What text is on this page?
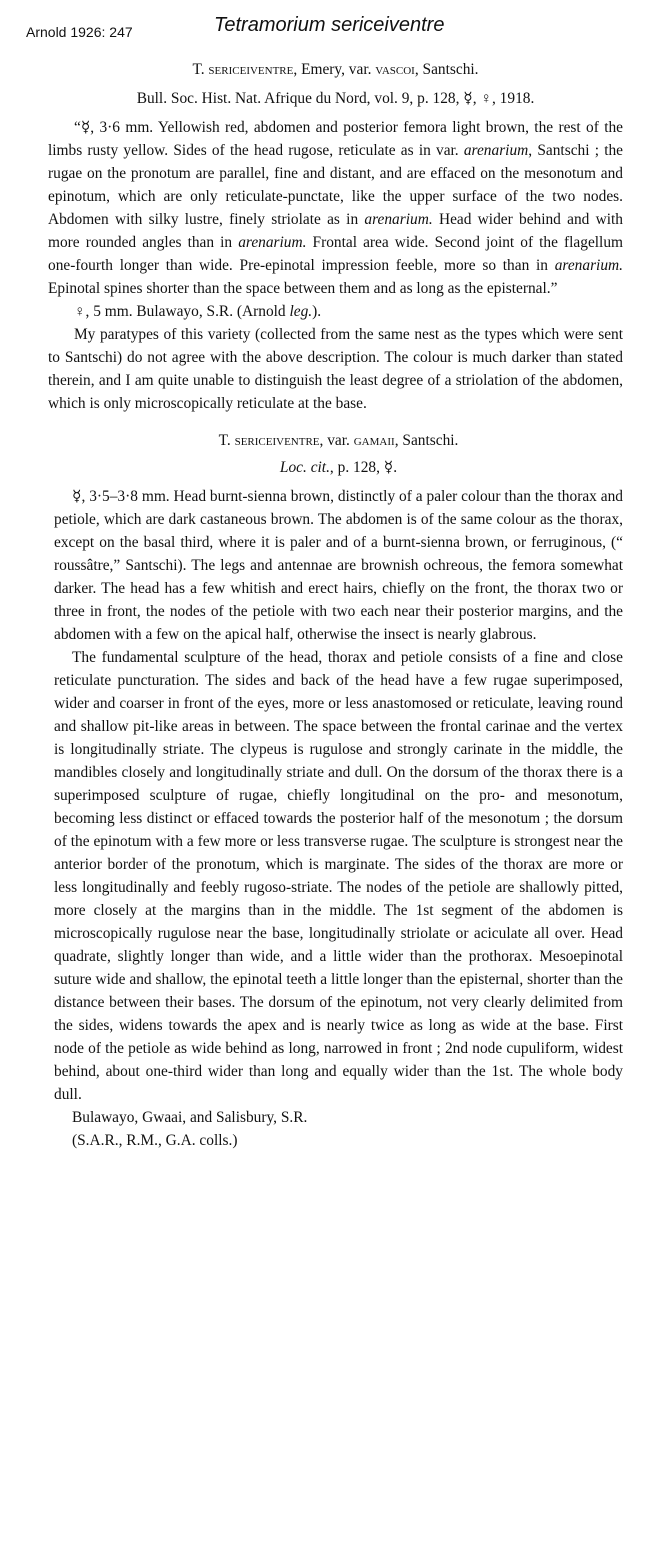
Arnold 1926: 247	Tetramorium sericeiventre

T. sericeiventre, Emery, var. vascoi, Santschi.

Bull. Soc. Hist. Nat. Afrique du Nord, vol. 9, p. 128, ☿, ♀, 1918.

“☿, 3·6 mm. Yellowish red, abdomen and posterior femora light brown, the rest of the limbs rusty yellow. Sides of the head rugose, reticulate as in var. arenarium, Santschi ; the rugae on the pronotum are parallel, fine and distant, and are effaced on the mesonotum and epinotum, which are only reticulate-punctate, like the upper surface of the two nodes. Abdomen with silky lustre, finely striolate as in arenarium. Head wider behind and with more rounded angles than in arenarium. Frontal area wide. Second joint of the flagellum one-fourth longer than wide. Pre-epinotal impression feeble, more so than in arenarium. Epinotal spines shorter than the space between them and as long as the episternal.”

♀, 5 mm. Bulawayo, S.R. (Arnold leg.).

My paratypes of this variety (collected from the same nest as the types which were sent to Santschi) do not agree with the above description. The colour is much darker than stated therein, and I am quite unable to distinguish the least degree of a striolation of the abdomen, which is only microscopically reticulate at the base.

T. sericeiventre, var. gamaii, Santschi.

Loc. cit., p. 128, ☿.

☿, 3·5–3·8 mm. Head burnt-sienna brown, distinctly of a paler colour than the thorax and petiole, which are dark castaneous brown. The abdomen is of the same colour as the thorax, except on the basal third, where it is paler and of a burnt-sienna brown, or ferruginous, (“ roussâtre,” Santschi). The legs and antennae are brownish ochreous, the femora somewhat darker. The head has a few whitish and erect hairs, chiefly on the front, the thorax two or three in front, the nodes of the petiole with two each near their posterior margins, and the abdomen with a few on the apical half, otherwise the insect is nearly glabrous.

The fundamental sculpture of the head, thorax and petiole consists of a fine and close reticulate puncturation. The sides and back of the head have a few rugae superimposed, wider and coarser in front of the eyes, more or less anastomosed or reticulate, leaving round and shallow pit-like areas in between. The space between the frontal carinae and the vertex is longitudinally striate. The clypeus is rugulose and strongly carinate in the middle, the mandibles closely and longitudinally striate and dull. On the dorsum of the thorax there is a superimposed sculpture of rugae, chiefly longitudinal on the pro- and mesonotum, becoming less distinct or effaced towards the posterior half of the mesonotum ; the dorsum of the epinotum with a few more or less transverse rugae. The sculpture is strongest near the anterior border of the pronotum, which is marginate. The sides of the thorax are more or less longitudinally and feebly rugoso-striate. The nodes of the petiole are shallowly pitted, more closely at the margins than in the middle. The 1st segment of the abdomen is microscopically rugulose near the base, longitudinally striolate or aciculate all over. Head quadrate, slightly longer than wide, and a little wider than the prothorax. Mesoepinotal suture wide and shallow, the epinotal teeth a little longer than the episternal, shorter than the distance between their bases. The dorsum of the epinotum, not very clearly delimited from the sides, widens towards the apex and is nearly twice as long as wide at the base. First node of the petiole as wide behind as long, narrowed in front ; 2nd node cupuliform, widest behind, about one-third wider than long and equally wider than the 1st. The whole body dull.

Bulawayo, Gwaai, and Salisbury, S.R.

(S.A.R., R.M., G.A. colls.)
